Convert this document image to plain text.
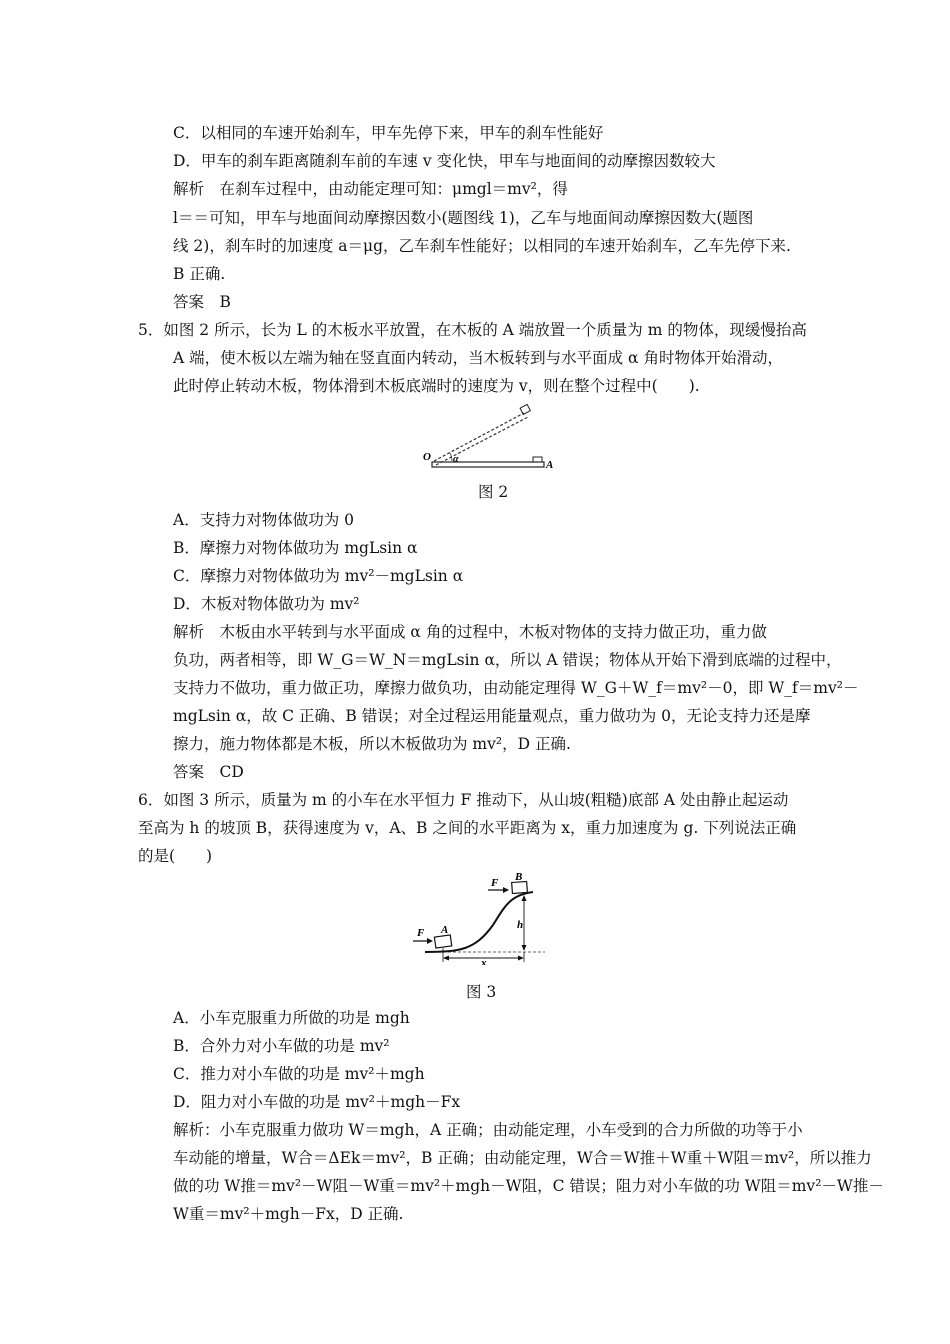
C．以相同的车速开始刹车，甲车先停下来，甲车的刹车性能好
D．甲车的刹车距离随刹车前的车速 v 变化快，甲车与地面间的动摩擦因数较大
解析　在刹车过程中，由动能定理可知：μmgl＝mv²，得
l＝＝可知，甲车与地面间动摩擦因数小(题图线 1)，乙车与地面间动摩擦因数大(题图
线 2)，刹车时的加速度 a＝μg，乙车刹车性能好；以相同的车速开始刹车，乙车先停下来.
B 正确.
答案　B
5．如图 2 所示，长为 L 的木板水平放置，在木板的 A 端放置一个质量为 m 的物体，现缓慢抬高
A 端，使木板以左端为轴在竖直面内转动，当木板转到与水平面成 α 角时物体开始滑动，
此时停止转动木板，物体滑到木板底端时的速度为 v，则在整个过程中(　　).
O α	A
图 2
A．支持力对物体做功为 0
B．摩擦力对物体做功为 mgLsin α
C．摩擦力对物体做功为 mv²－mgLsin α
D．木板对物体做功为 mv²
解析　木板由水平转到与水平面成 α 角的过程中，木板对物体的支持力做正功，重力做
负功，两者相等，即 W_G＝W_N＝mgLsin α，所以 A 错误；物体从开始下滑到底端的过程中，
支持力不做功，重力做正功，摩擦力做负功，由动能定理得 W_G＋W_f＝mv²－0，即 W_f＝mv²－
mgLsin α，故 C 正确、B 错误；对全过程运用能量观点，重力做功为 0，无论支持力还是摩
擦力，施力物体都是木板，所以木板做功为 mv²，D 正确.
答案　CD
6．如图 3 所示，质量为 m 的小车在水平恒力 F 推动下，从山坡(粗糙)底部 A 处由静止起运动
至高为 h 的坡顶 B，获得速度为 v，A、B 之间的水平距离为 x，重力加速度为 g. 下列说法正确
的是(　　)
F A
F B
h
x
图 3
A．小车克服重力所做的功是 mgh
B．合外力对小车做的功是 mv²
C．推力对小车做的功是 mv²＋mgh
D．阻力对小车做的功是 mv²＋mgh－Fx
解析：小车克服重力做功 W＝mgh，A 正确；由动能定理，小车受到的合力所做的功等于小
车动能的增量，W合＝ΔEk＝mv²，B 正确；由动能定理，W合＝W推＋W重＋W阻＝mv²，所以推力
做的功 W推＝mv²－W阻－W重＝mv²＋mgh－W阻，C 错误；阻力对小车做的功 W阻＝mv²－W推－
W重＝mv²＋mgh－Fx，D 正确.
